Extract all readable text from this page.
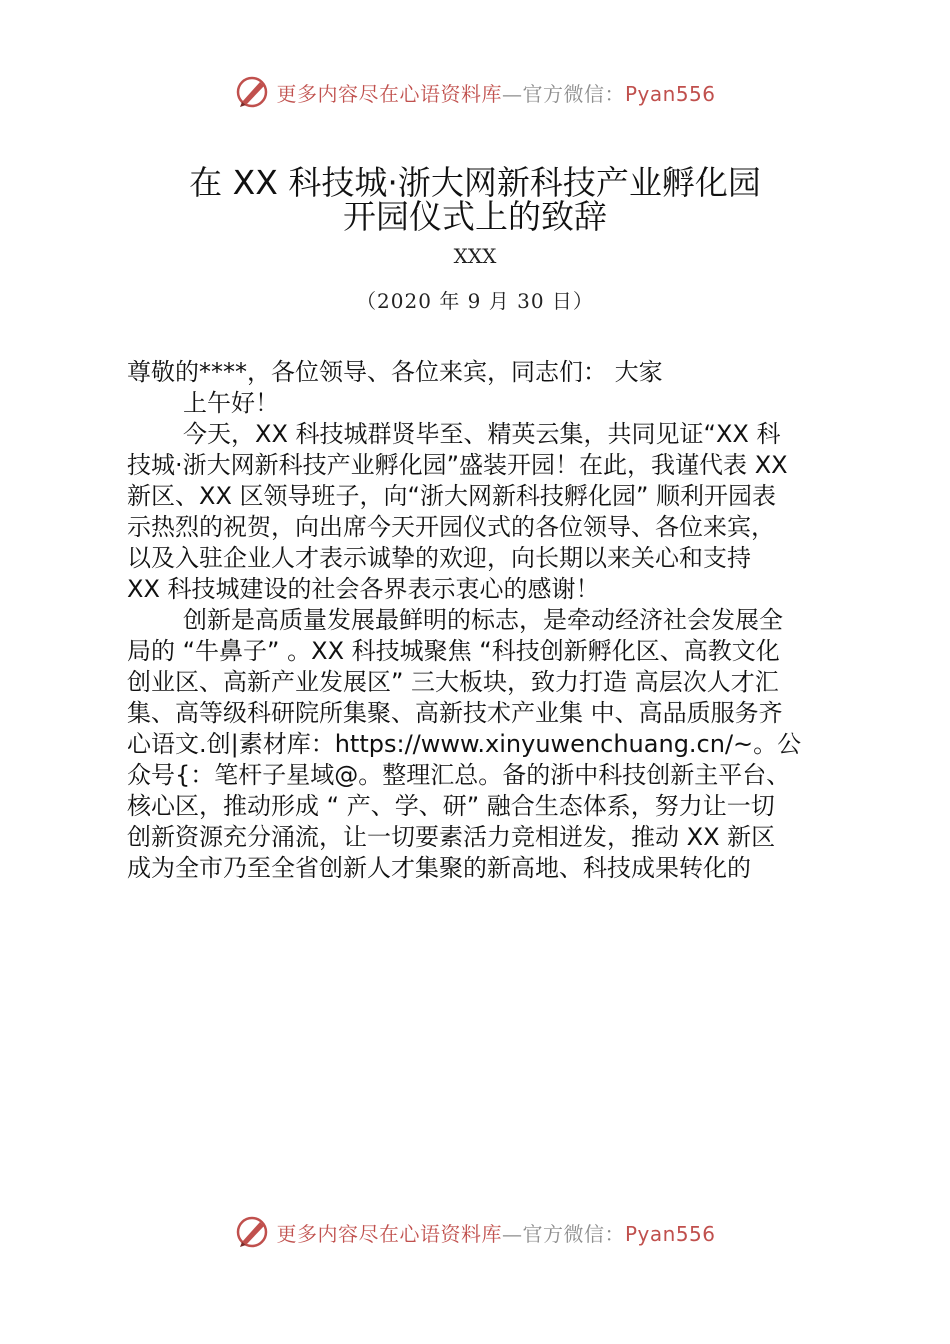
更多内容尽在心语资料库—官方微信：Pyan556
在 XX 科技城·浙大网新科技产业孵化园
开园仪式上的致辞
XXX
（2020 年 9 月 30 日）
尊敬的****，各位领导、各位来宾，同志们： 大家
上午好！
今天，XX 科技城群贤毕至、精英云集，共同见证“XX 科
技城·浙大网新科技产业孵化园”盛装开园！在此，我谨代表 XX
新区、XX 区领导班子，向“浙大网新科技孵化园” 顺利开园表
示热烈的祝贺，向出席今天开园仪式的各位领导、各位来宾，
以及入驻企业人才表示诚挚的欢迎，向长期以来关心和支持
XX 科技城建设的社会各界表示衷心的感谢！
创新是高质量发展最鲜明的标志，是牵动经济社会发展全
局的 “牛鼻子” 。XX 科技城聚焦 “科技创新孵化区、高教文化
创业区、高新产业发展区” 三大板块，致力打造 高层次人才汇
集、高等级科研院所集聚、高新技术产业集 中、高品质服务齐
心语文.创|素材库：https://www.xinyuwenchuang.cn/~。公
众号{：笔杆子星域@。整理汇总。备的浙中科技创新主平台、
核心区，推动形成 “ 产、学、研” 融合生态体系，努力让一切
创新资源充分涌流，让一切要素活力竞相迸发，推动 XX 新区
成为全市乃至全省创新人才集聚的新高地、科技成果转化的
更多内容尽在心语资料库—官方微信：Pyan556
